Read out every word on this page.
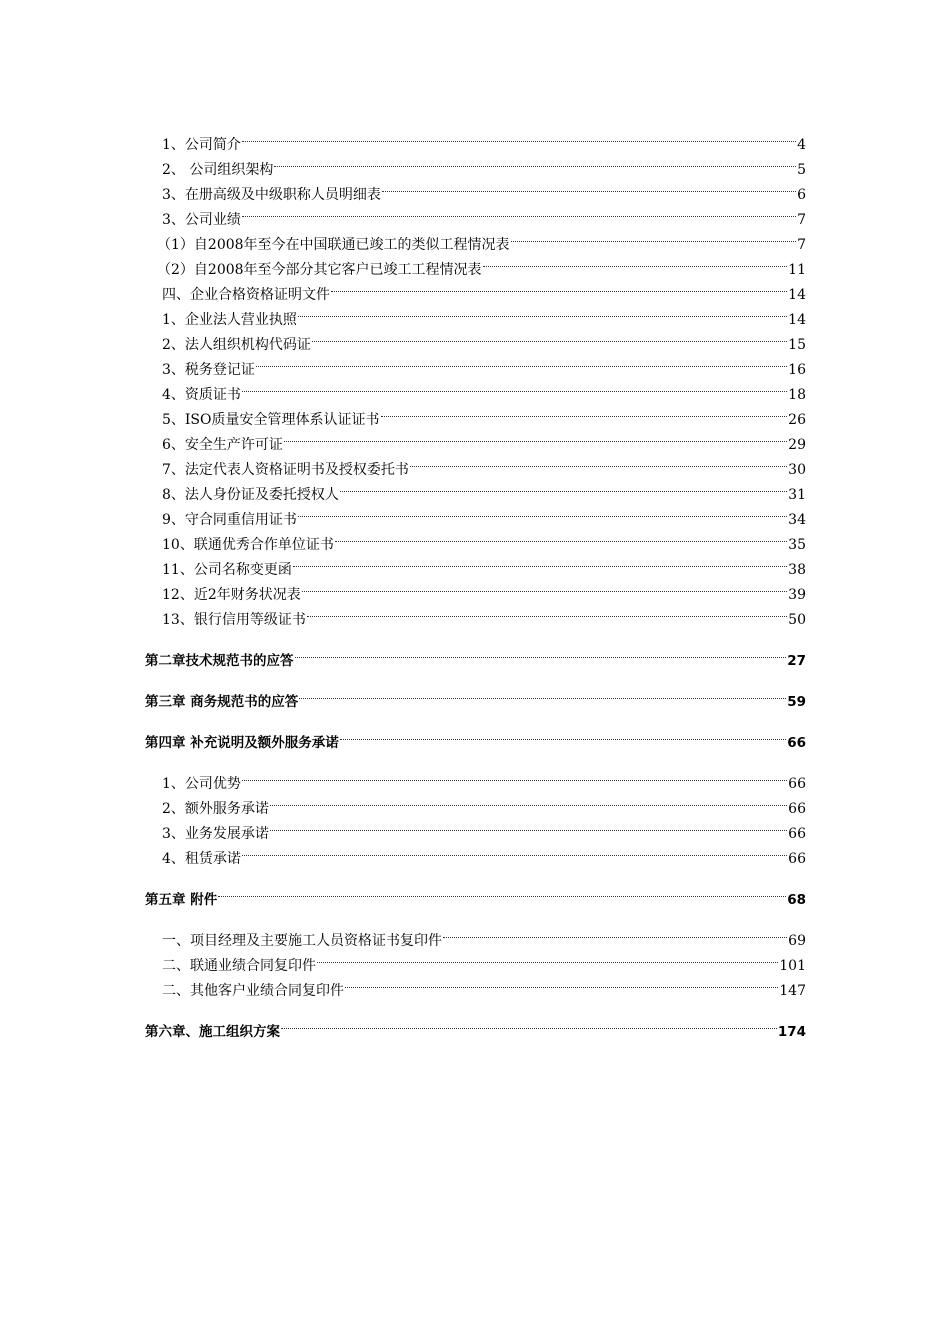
1、公司简介	4
2、 公司组织架构	5
3、在册高级及中级职称人员明细表	6
3、公司业绩	7
（1）自2008年至今在中国联通已竣工的类似工程情况表	7
（2）自2008年至今部分其它客户已竣工工程情况表	11
四、企业合格资格证明文件	14
1、企业法人营业执照	14
2、法人组织机构代码证	15
3、税务登记证	16
4、资质证书	18
5、ISO质量安全管理体系认证证书	26
6、安全生产许可证	29
7、法定代表人资格证明书及授权委托书	30
8、法人身份证及委托授权人	31
9、守合同重信用证书	34
10、联通优秀合作单位证书	35
11、公司名称变更函	38
12、近2年财务状况表	39
13、银行信用等级证书	50
第二章技术规范书的应答	27
第三章 商务规范书的应答	59
第四章 补充说明及额外服务承诺	66
1、公司优势	66
2、额外服务承诺	66
3、业务发展承诺	66
4、租赁承诺	66
第五章 附件	68
一、项目经理及主要施工人员资格证书复印件	69
二、联通业绩合同复印件	101
二、其他客户业绩合同复印件	147
第六章、施工组织方案	174
